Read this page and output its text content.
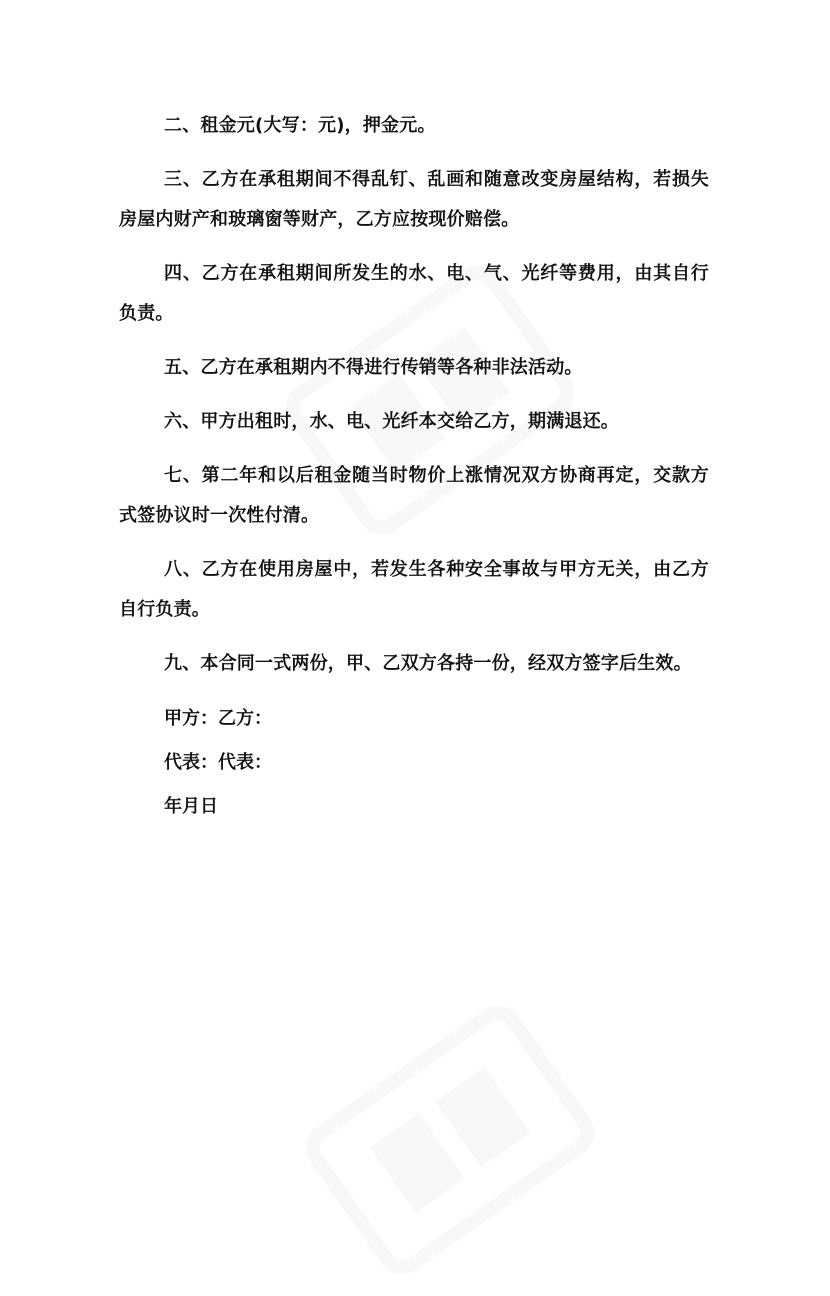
二、租金元(大写：元)，押金元。

三、乙方在承租期间不得乱钉、乱画和随意改变房屋结构，若损失房屋内财产和玻璃窗等财产，乙方应按现价赔偿。

四、乙方在承租期间所发生的水、电、气、光纤等费用，由其自行负责。

五、乙方在承租期内不得进行传销等各种非法活动。

六、甲方出租时，水、电、光纤本交给乙方，期满退还。

七、第二年和以后租金随当时物价上涨情况双方协商再定，交款方式签协议时一次性付清。

八、乙方在使用房屋中，若发生各种安全事故与甲方无关，由乙方自行负责。

九、本合同一式两份，甲、乙双方各持一份，经双方签字后生效。

甲方：乙方：

代表：代表：

年月日
